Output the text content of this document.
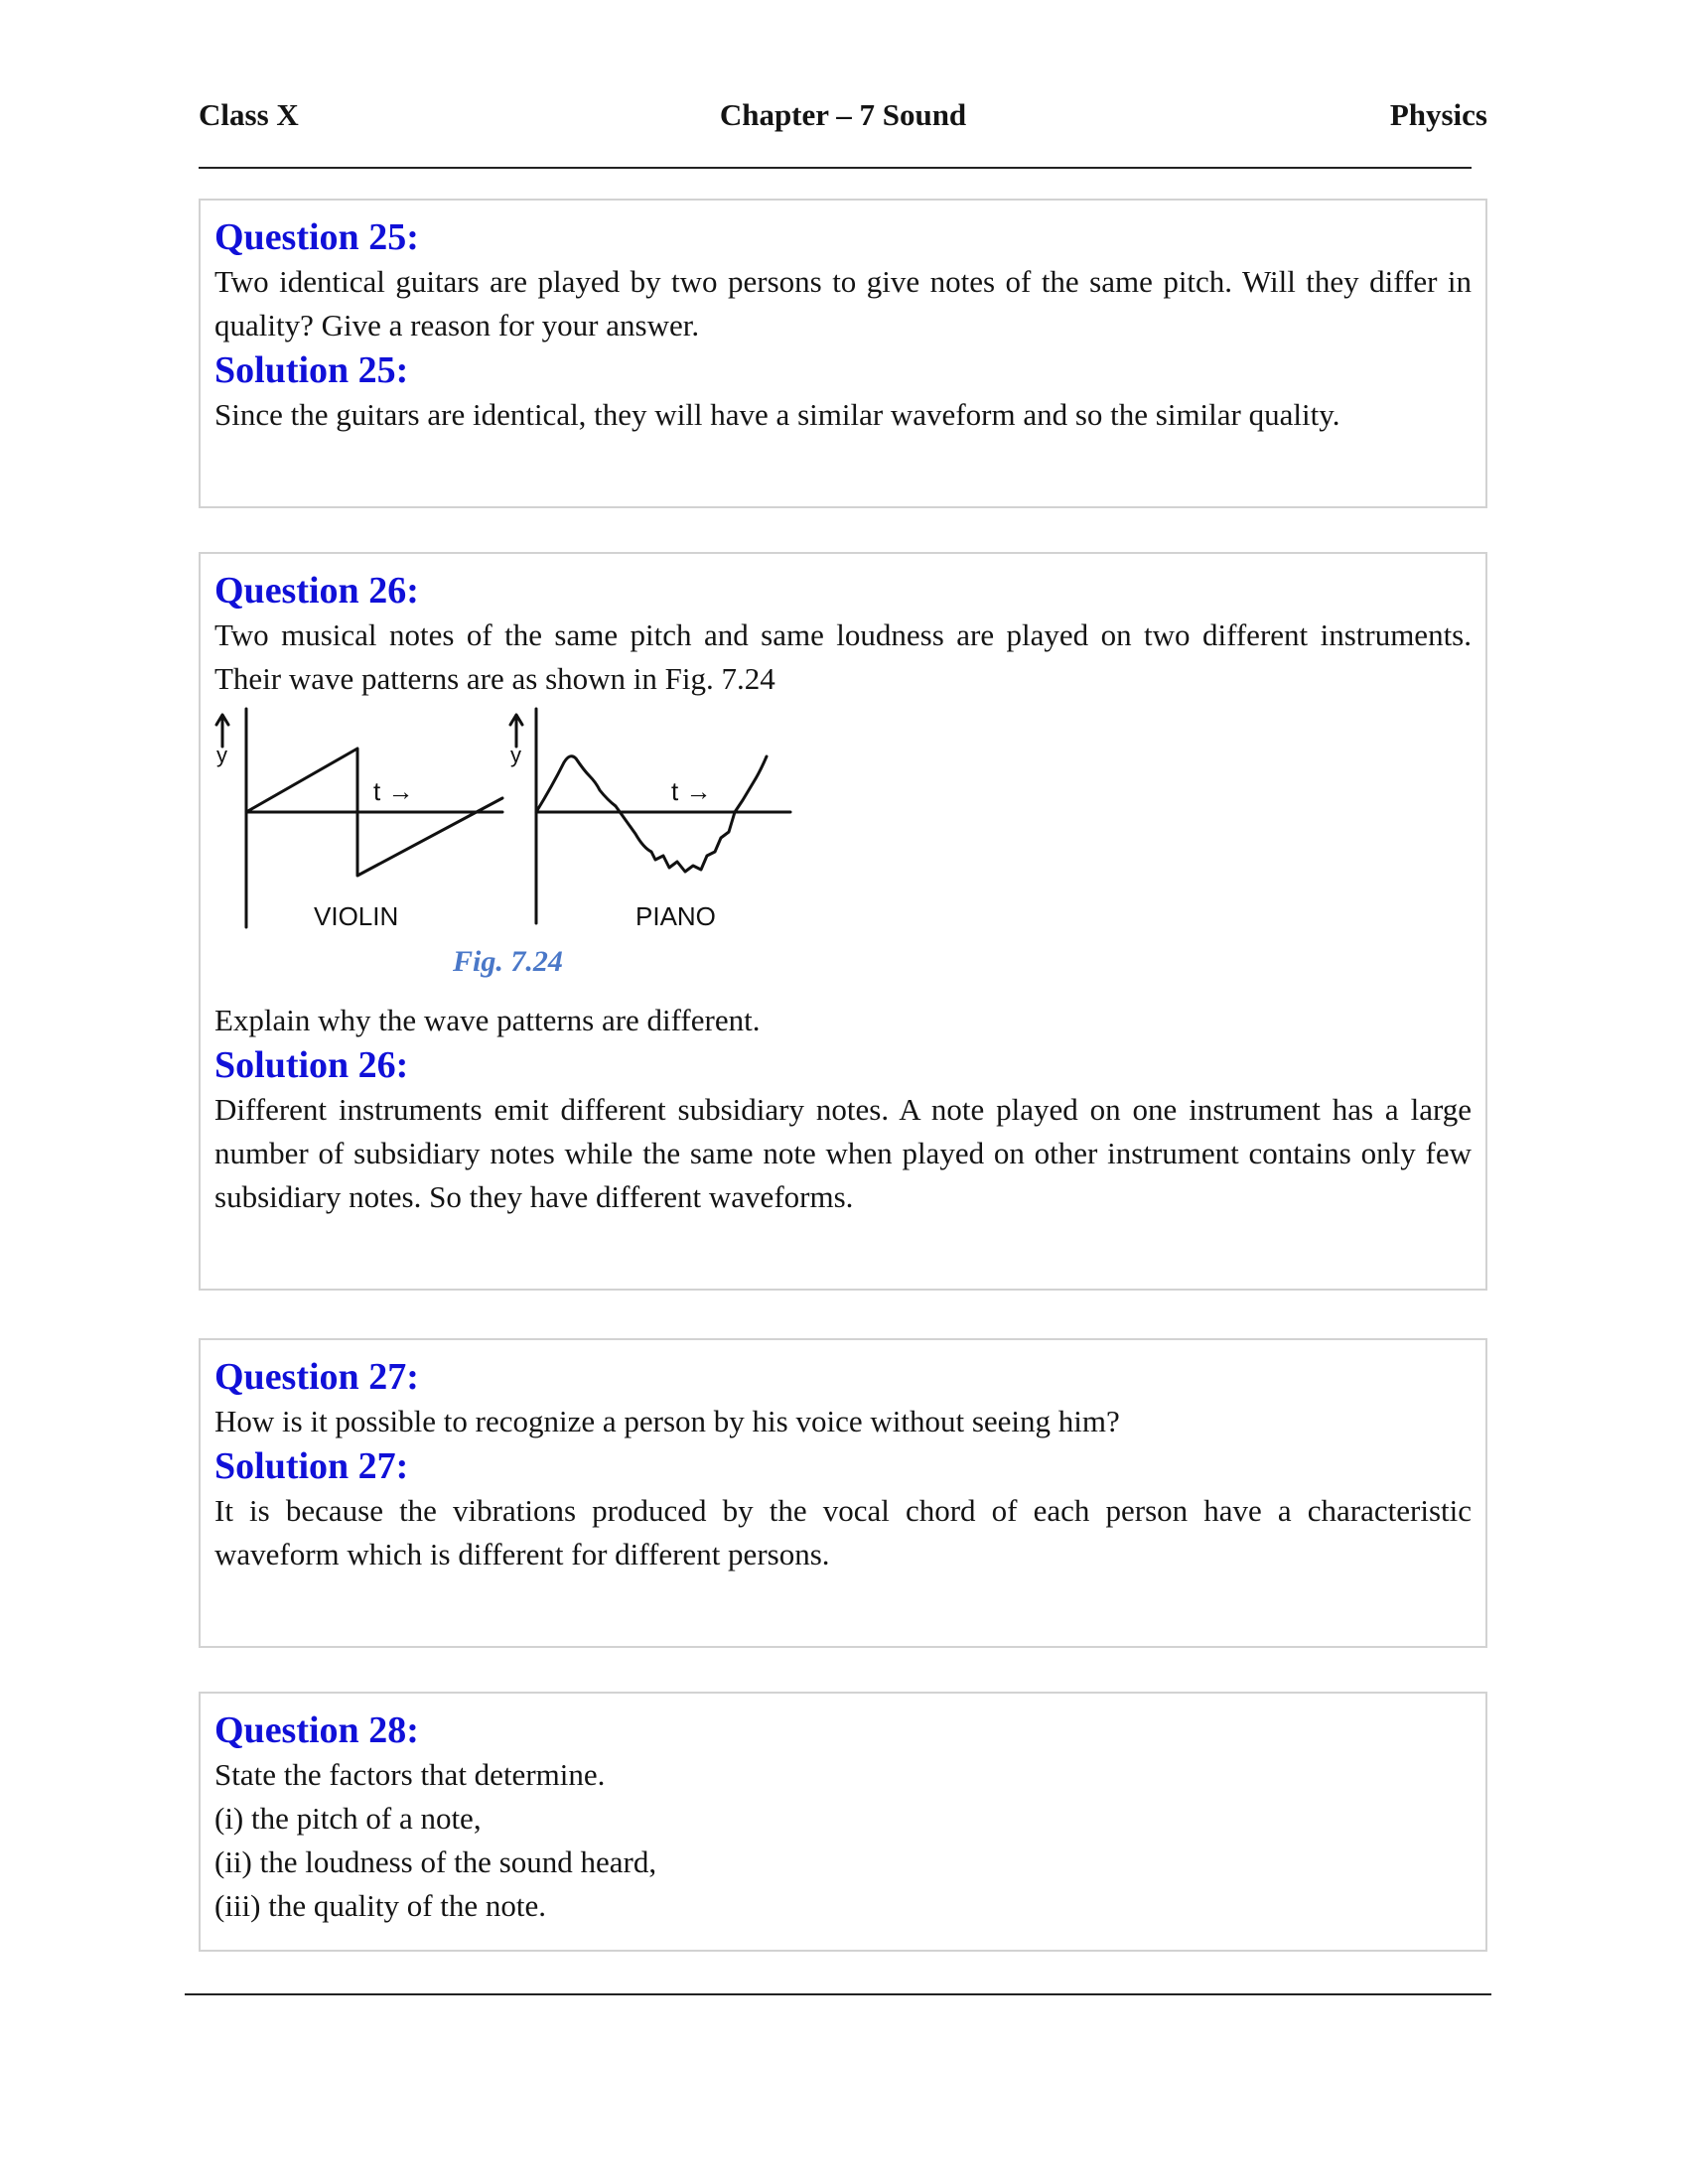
Class X	Chapter – 7 Sound	Physics
Question 25:
Two identical guitars are played by two persons to give notes of the same pitch. Will they differ in quality? Give a reason for your answer.
Solution 25:
Since the guitars are identical, they will have a similar waveform and so the similar quality.
Question 26:
Two musical notes of the same pitch and same loudness are played on two different instruments. Their wave patterns are as shown in Fig. 7.24
y
t →
VIOLIN
y
t →
PIANO
Fig. 7.24
Explain why the wave patterns are different.
Solution 26:
Different instruments emit different subsidiary notes. A note played on one instrument has a large number of subsidiary notes while the same note when played on other instrument contains only few subsidiary notes. So they have different waveforms.
Question 27:
How is it possible to recognize a person by his voice without seeing him?
Solution 27:
It is because the vibrations produced by the vocal chord of each person have a characteristic waveform which is different for different persons.
Question 28:
State the factors that determine.
(i) the pitch of a note,
(ii) the loudness of the sound heard,
(iii) the quality of the note.
